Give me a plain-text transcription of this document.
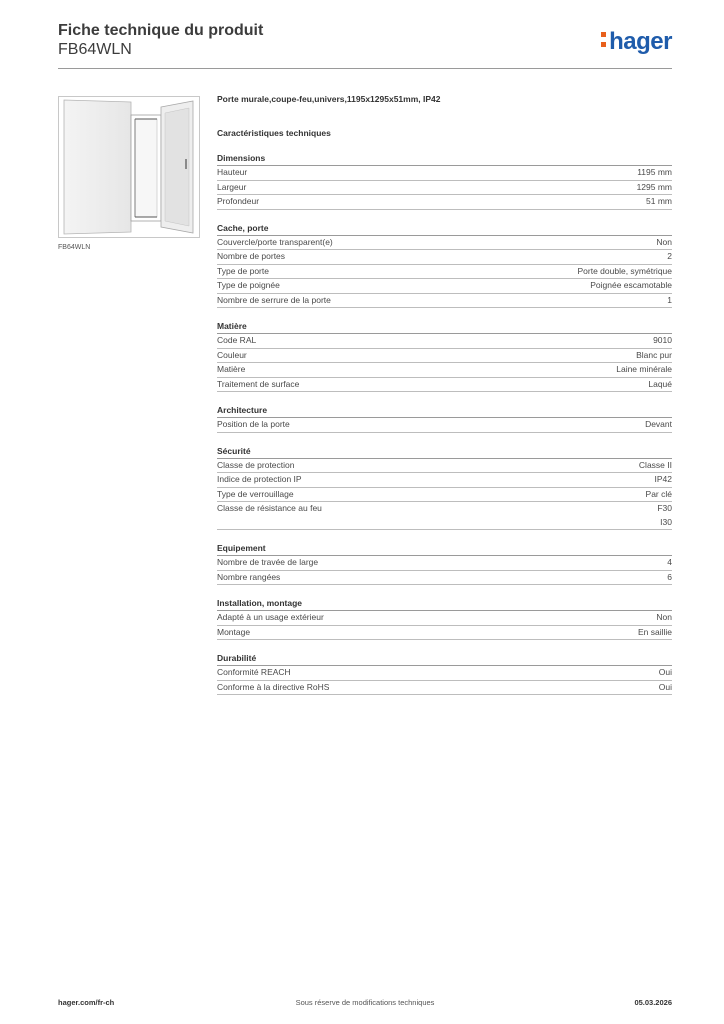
Fiche technique du produit
FB64WLN	hager
FB64WLN
Porte murale,coupe-feu,univers,1195x1295x51mm, IP42
Caractéristiques techniques
Dimensions
Hauteur	1195 mm
Largeur	1295 mm
Profondeur	51 mm
Cache, porte
Couvercle/porte transparent(e)	Non
Nombre de portes	2
Type de porte	Porte double, symétrique
Type de poignée	Poignée escamotable
Nombre de serrure de la porte	1
Matière
Code RAL	9010
Couleur	Blanc pur
Matière	Laine minérale
Traitement de surface	Laqué
Architecture
Position de la porte	Devant
Sécurité
Classe de protection	Classe II
Indice de protection IP	IP42
Type de verrouillage	Par clé
Classe de résistance au feu	F30
I30
Equipement
Nombre de travée de large	4
Nombre rangées	6
Installation, montage
Adapté à un usage extérieur	Non
Montage	En saillie
Durabilité
Conformité REACH	Oui
Conforme à la directive RoHS	Oui
hager.com/fr-ch	Sous réserve de modifications techniques	05.03.2026
